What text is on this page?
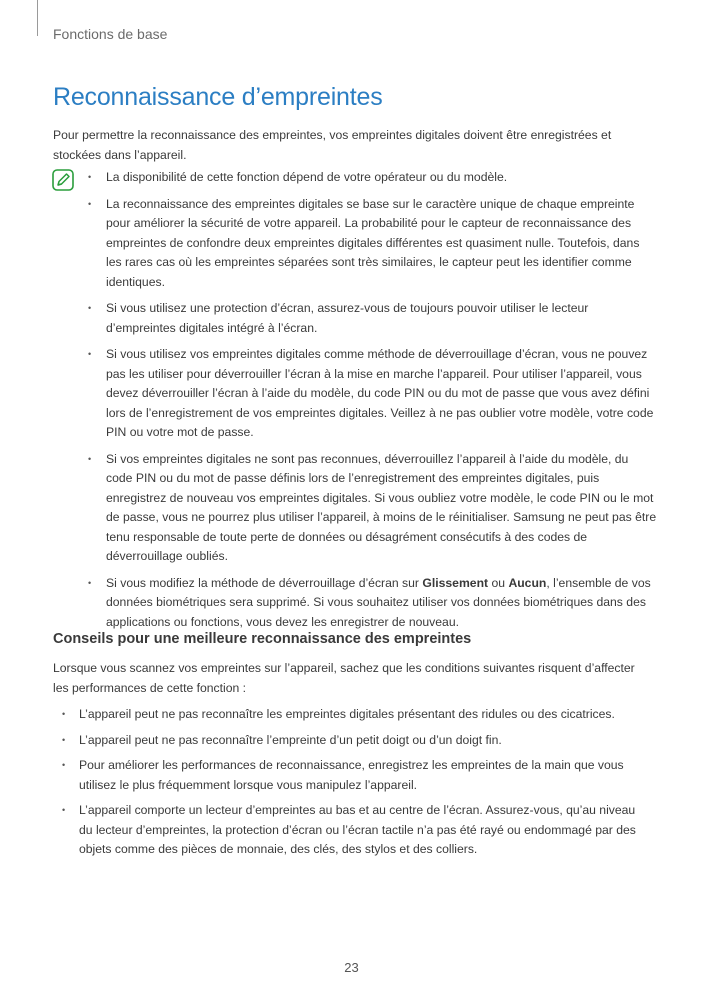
Fonctions de base
Reconnaissance d’empreintes

Pour permettre la reconnaissance des empreintes, vos empreintes digitales doivent être enregistrées et stockées dans l’appareil.

• La disponibilité de cette fonction dépend de votre opérateur ou du modèle.
• La reconnaissance des empreintes digitales se base sur le caractère unique de chaque empreinte pour améliorer la sécurité de votre appareil. La probabilité pour le capteur de reconnaissance des empreintes de confondre deux empreintes digitales différentes est quasiment nulle. Toutefois, dans les rares cas où les empreintes séparées sont très similaires, le capteur peut les identifier comme identiques.
• Si vous utilisez une protection d’écran, assurez-vous de toujours pouvoir utiliser le lecteur d’empreintes digitales intégré à l’écran.
• Si vous utilisez vos empreintes digitales comme méthode de déverrouillage d’écran, vous ne pouvez pas les utiliser pour déverrouiller l’écran à la mise en marche l’appareil. Pour utiliser l’appareil, vous devez déverrouiller l’écran à l’aide du modèle, du code PIN ou du mot de passe que vous avez défini lors de l’enregistrement de vos empreintes digitales. Veillez à ne pas oublier votre modèle, votre code PIN ou votre mot de passe.
• Si vos empreintes digitales ne sont pas reconnues, déverrouillez l’appareil à l’aide du modèle, du code PIN ou du mot de passe définis lors de l’enregistrement des empreintes digitales, puis enregistrez de nouveau vos empreintes digitales. Si vous oubliez votre modèle, le code PIN ou le mot de passe, vous ne pourrez plus utiliser l’appareil, à moins de le réinitialiser. Samsung ne peut pas être tenu responsable de toute perte de données ou désagrément consécutifs à des codes de déverrouillage oubliés.
• Si vous modifiez la méthode de déverrouillage d’écran sur Glissement ou Aucun, l’ensemble de vos données biométriques sera supprimé. Si vous souhaitez utiliser vos données biométriques dans des applications ou fonctions, vous devez les enregistrer de nouveau.
Conseils pour une meilleure reconnaissance des empreintes

Lorsque vous scannez vos empreintes sur l’appareil, sachez que les conditions suivantes risquent d’affecter les performances de cette fonction :

• L’appareil peut ne pas reconnaître les empreintes digitales présentant des ridules ou des cicatrices.
• L’appareil peut ne pas reconnaître l’empreinte d’un petit doigt ou d’un doigt fin.
• Pour améliorer les performances de reconnaissance, enregistrez les empreintes de la main que vous utilisez le plus fréquemment lorsque vous manipulez l’appareil.
• L’appareil comporte un lecteur d’empreintes au bas et au centre de l’écran. Assurez-vous, qu’au niveau du lecteur d’empreintes, la protection d’écran ou l’écran tactile n’a pas été rayé ou endommagé par des objets comme des pièces de monnaie, des clés, des stylos et des colliers.
23
